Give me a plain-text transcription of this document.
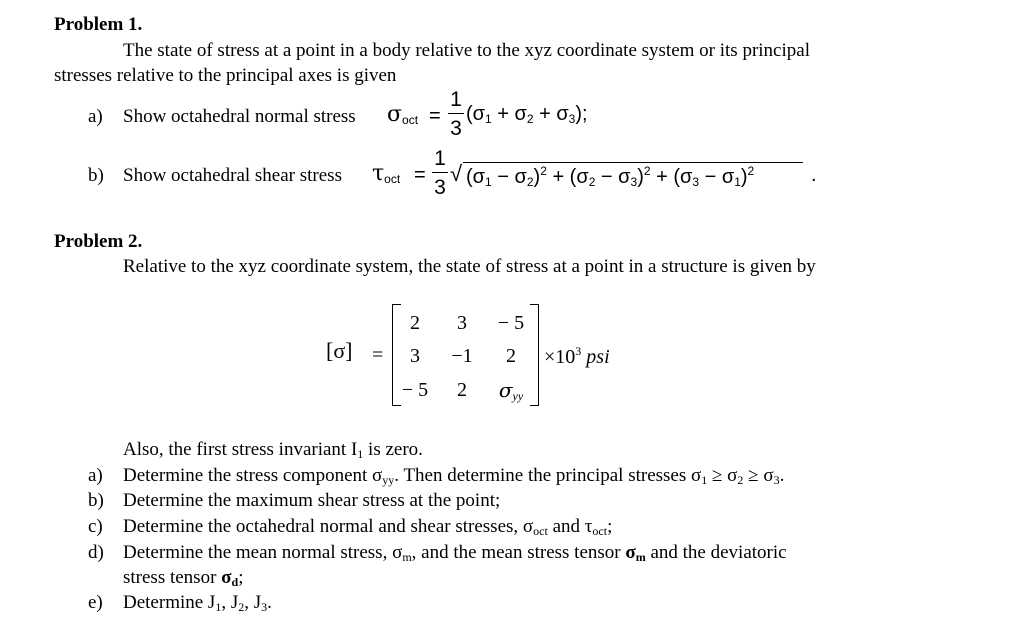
Problem 1.
The state of stress at a point in a body relative to the xyz coordinate system or its principal
stresses relative to the principal axes is given
a) Show octahedral normal stress $\sigma_{oct}$ =
1
3
$(\sigma_1 + \sigma_2 + \sigma_3)$;
b) Show octahedral shear stress $\tau_{oct}$ =
1
3
√ $(\sigma_1 - \sigma_2)^2 + (\sigma_2 - \sigma_3)^2 + (\sigma_3 - \sigma_1)^2$	.
Problem 2.
Relative to the xyz coordinate system, the state of stress at a point in a structure is given by
[σ] =
2	3	− 5
3	−1	2
− 5	2	$\sigma_{yy}$
$\times 10^3$ psi
Also, the first stress invariant $I_1$ is zero.
a) Determine the stress component $\sigma_{yy}$. Then determine the principal stresses $\sigma_1 \ge \sigma_2 \ge \sigma_3$.
b) Determine the maximum shear stress at the point;
c) Determine the octahedral normal and shear stresses, $\sigma_{oct}$ and $\tau_{oct}$;
d) Determine the mean normal stress, $\sigma_m$, and the mean stress tensor $\sigma_m$ and the deviatoric
stress tensor $\sigma_d$;
e) Determine $J_1$, $J_2$, $J_3$.
